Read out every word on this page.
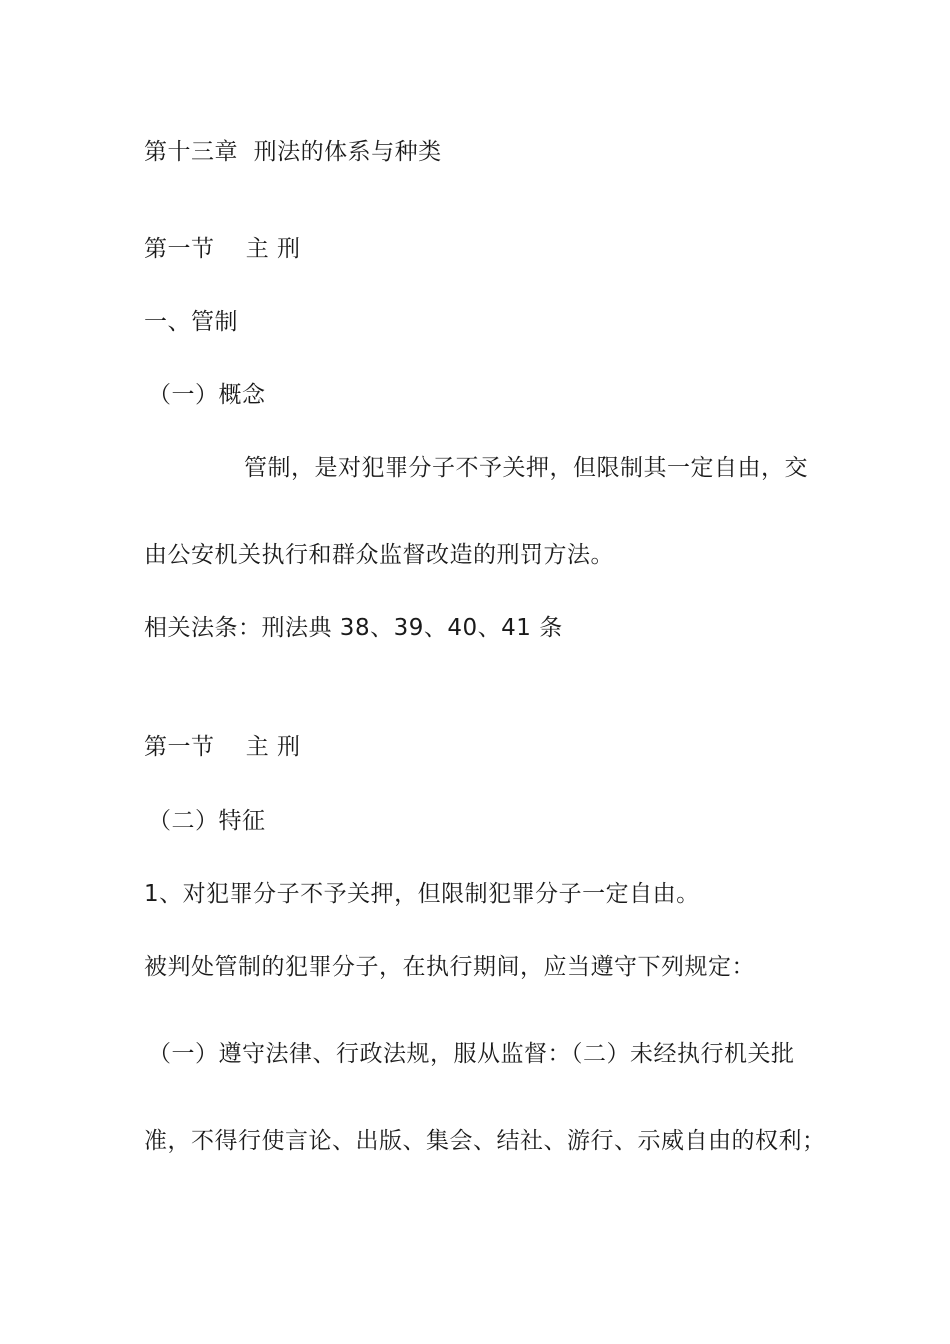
第十三章  刑法的体系与种类
第一节    主 刑
一、管制
（一）概念
管制，是对犯罪分子不予关押，但限制其一定自由，交
由公安机关执行和群众监督改造的刑罚方法。
相关法条：刑法典 38、39、40、41 条
第一节    主 刑
（二）特征
1、对犯罪分子不予关押，但限制犯罪分子一定自由。
被判处管制的犯罪分子，在执行期间，应当遵守下列规定：
（一）遵守法律、行政法规，服从监督：（二）未经执行机关批
准，不得行使言论、出版、集会、结社、游行、示威自由的权利；
